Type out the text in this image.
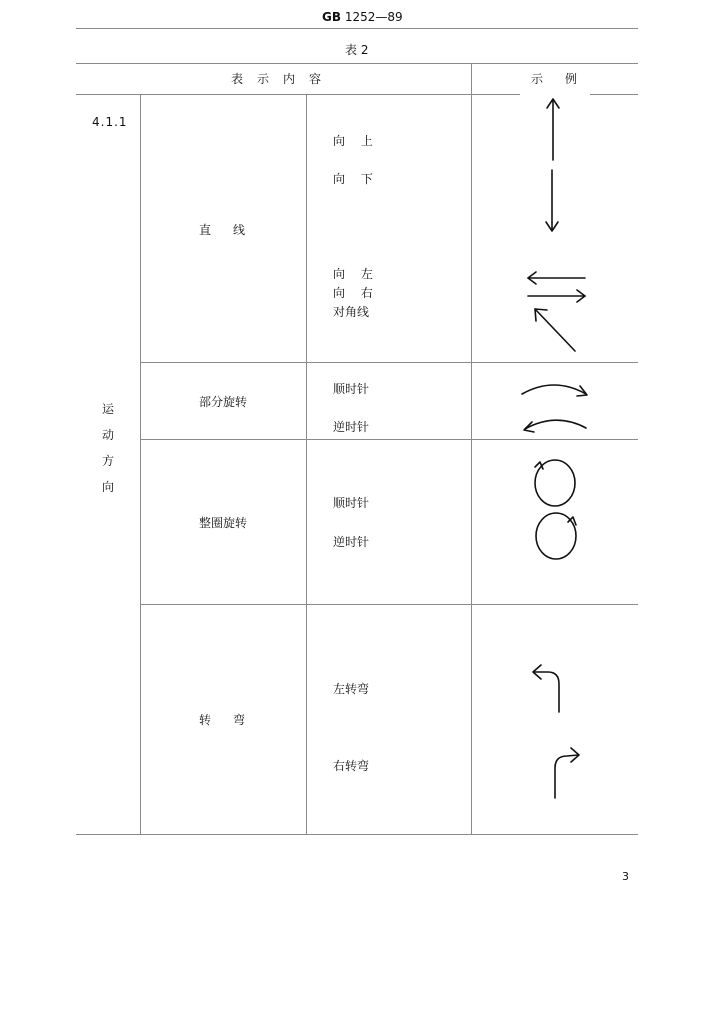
GB 1252—89
表 2
表示内容	示例
4.1.1
运动方向
直线
向 上
向 下
向 左
向 右
对角线
部分旋转
顺时针
逆时针
整圈旋转
顺时针
逆时针
转弯
左转弯
右转弯
3
